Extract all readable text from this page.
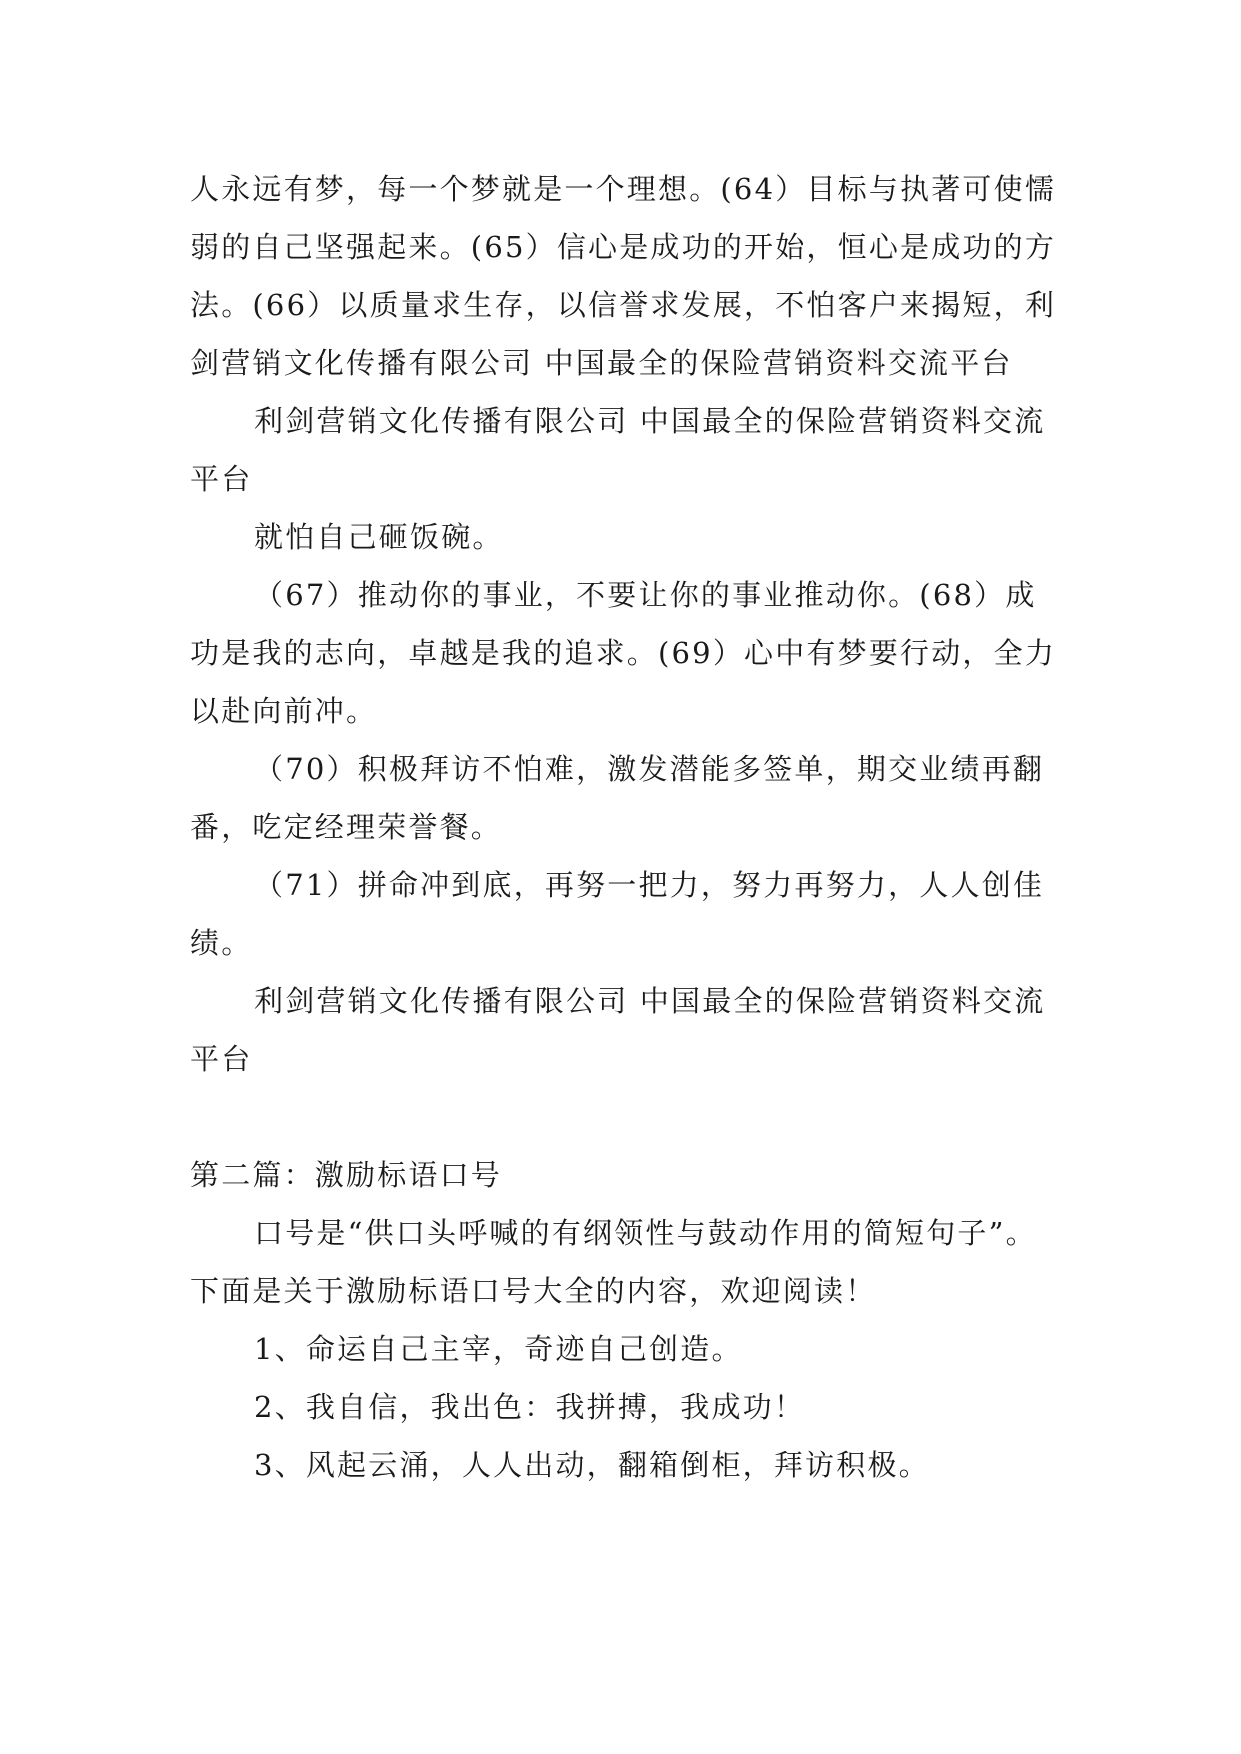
人永远有梦，每一个梦就是一个理想。(64）目标与执著可使懦弱的自己坚强起来。(65）信心是成功的开始，恒心是成功的方法。(66）以质量求生存，以信誉求发展，不怕客户来揭短，利剑营销文化传播有限公司 中国最全的保险营销资料交流平台

利剑营销文化传播有限公司 中国最全的保险营销资料交流平台

就怕自己砸饭碗。

（67）推动你的事业，不要让你的事业推动你。(68）成功是我的志向，卓越是我的追求。(69）心中有梦要行动，全力以赴向前冲。

（70）积极拜访不怕难，激发潜能多签单，期交业绩再翻番，吃定经理荣誉餐。

（71）拼命冲到底，再努一把力，努力再努力，人人创佳绩。

利剑营销文化传播有限公司 中国最全的保险营销资料交流平台

第二篇：激励标语口号

口号是“供口头呼喊的有纲领性与鼓动作用的简短句子”。下面是关于激励标语口号大全的内容，欢迎阅读！

1、命运自己主宰，奇迹自己创造。

2、我自信，我出色：我拼搏，我成功！

3、风起云涌，人人出动，翻箱倒柜，拜访积极。
